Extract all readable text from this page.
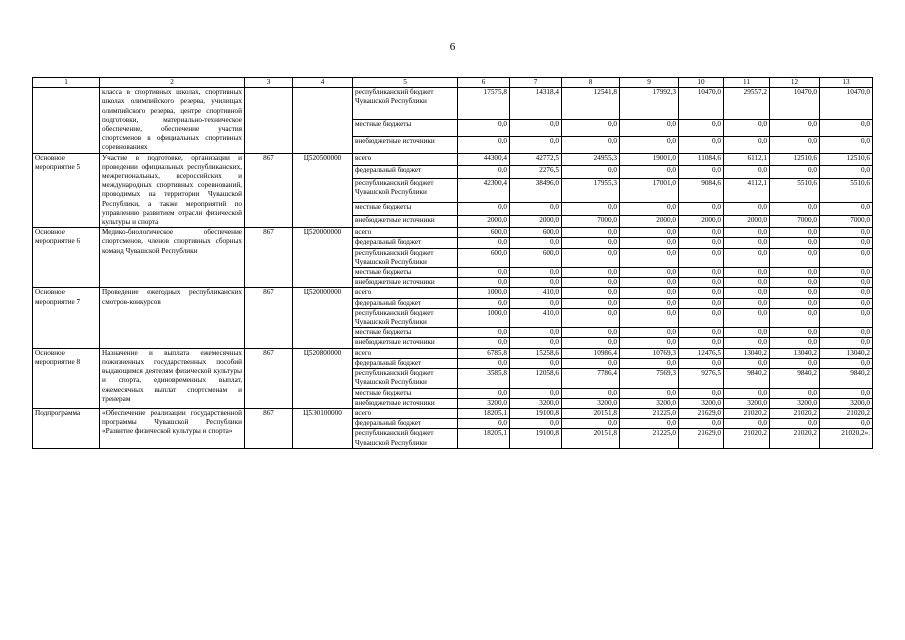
6
1	2	3	4	5	6	7	8	9	10	11	12	13
	класса в спортивных школах, спортивных школах олимпийского резерва, училищах олимпийского резерва, центре спортивной подготовки, материально-техническое обеспечение, обеспечение участия спортсменов в официальных спортивных соревнованиях			республиканский бюджет Чувашской Республики	17575,8	14318,4	12541,8	17992,3	10470,0	29557,2	10470,0	10470,0
				местные бюджеты	0,0	0,0	0,0	0,0	0,0	0,0	0,0	0,0
				внебюджетные источники	0,0	0,0	0,0	0,0	0,0	0,0	0,0	0,0
Основное мероприятие 5	Участие в подготовке, организации и проведении официальных республиканских, межрегиональных, всероссийских и международных спортивных соревнований, проводимых на территории Чувашской Республики, а также мероприятий по управлению развитием отрасли физической культуры и спорта	867	Ц520500000	всего	44300,4	42772,5	24955,3	19001,0	11084,6	6112,1	12510,6	12510,6
				федеральный бюджет	0,0	2276,5	0,0	0,0	0,0	0,0	0,0	0,0
				республиканский бюджет Чувашской Республики	42300,4	38496,0	17955,3	17001,0	9084,6	4112,1	5510,6	5510,6
				местные бюджеты	0,0	0,0	0,0	0,0	0,0	0,0	0,0	0,0
				внебюджетные источники	2000,0	2000,0	7000,0	2000,0	2000,0	2000,0	7000,0	7000,0
Основное мероприятие 6	Медико-биологическое обеспечение спортсменов, членов спортивных сборных команд Чувашской Республики	867	Ц520000000	всего	600,0	600,0	0,0	0,0	0,0	0,0	0,0	0,0
				федеральный бюджет	0,0	0,0	0,0	0,0	0,0	0,0	0,0	0,0
				республиканский бюджет Чувашской Республики	600,0	600,0	0,0	0,0	0,0	0,0	0,0	0,0
				местные бюджеты	0,0	0,0	0,0	0,0	0,0	0,0	0,0	0,0
				внебюджетные источники	0,0	0,0	0,0	0,0	0,0	0,0	0,0	0,0
Основное мероприятие 7	Проведение ежегодных республиканских смотров-конкурсов	867	Ц520000000	всего	1000,0	410,0	0,0	0,0	0,0	0,0	0,0	0,0
				федеральный бюджет	0,0	0,0	0,0	0,0	0,0	0,0	0,0	0,0
				республиканский бюджет Чувашской Республики	1000,0	410,0	0,0	0,0	0,0	0,0	0,0	0,0
				местные бюджеты	0,0	0,0	0,0	0,0	0,0	0,0	0,0	0,0
				внебюджетные источники	0,0	0,0	0,0	0,0	0,0	0,0	0,0	0,0
Основное мероприятие 8	Назначение и выплата ежемесячных пожизненных государственных пособий выдающимся деятелям физической культуры и спорта, единовременных выплат, ежемесячных выплат спортсменам и тренерам	867	Ц520800000	всего	6785,8	15258,6	10986,4	10769,3	12476,5	13040,2	13040,2	13040,2
				федеральный бюджет	0,0	0,0	0,0	0,0	0,0	0,0	0,0	0,0
				республиканский бюджет Чувашской Республики	3585,8	12058,6	7786,4	7569,3	9276,5	9840,2	9840,2	9840,2
				местные бюджеты	0,0	0,0	0,0	0,0	0,0	0,0	0,0	0,0
				внебюджетные источники	3200,0	3200,0	3200,0	3200,0	3200,0	3200,0	3200,0	3200,0
Подпрограмма	«Обеспечение реализации государственной программы Чувашской Республики «Развитие физической культуры и спорта»	867	Ц5Э0100000	всего	18205,1	19100,8	20151,8	21225,0	21629,0	21020,2	21020,2	21020,2
				федеральный бюджет	0,0	0,0	0,0	0,0	0,0	0,0	0,0	0,0
				республиканский бюджет Чувашской Республики	18205,1	19100,8	20151,8	21225,0	21629,0	21020,2	21020,2	21020,2».
